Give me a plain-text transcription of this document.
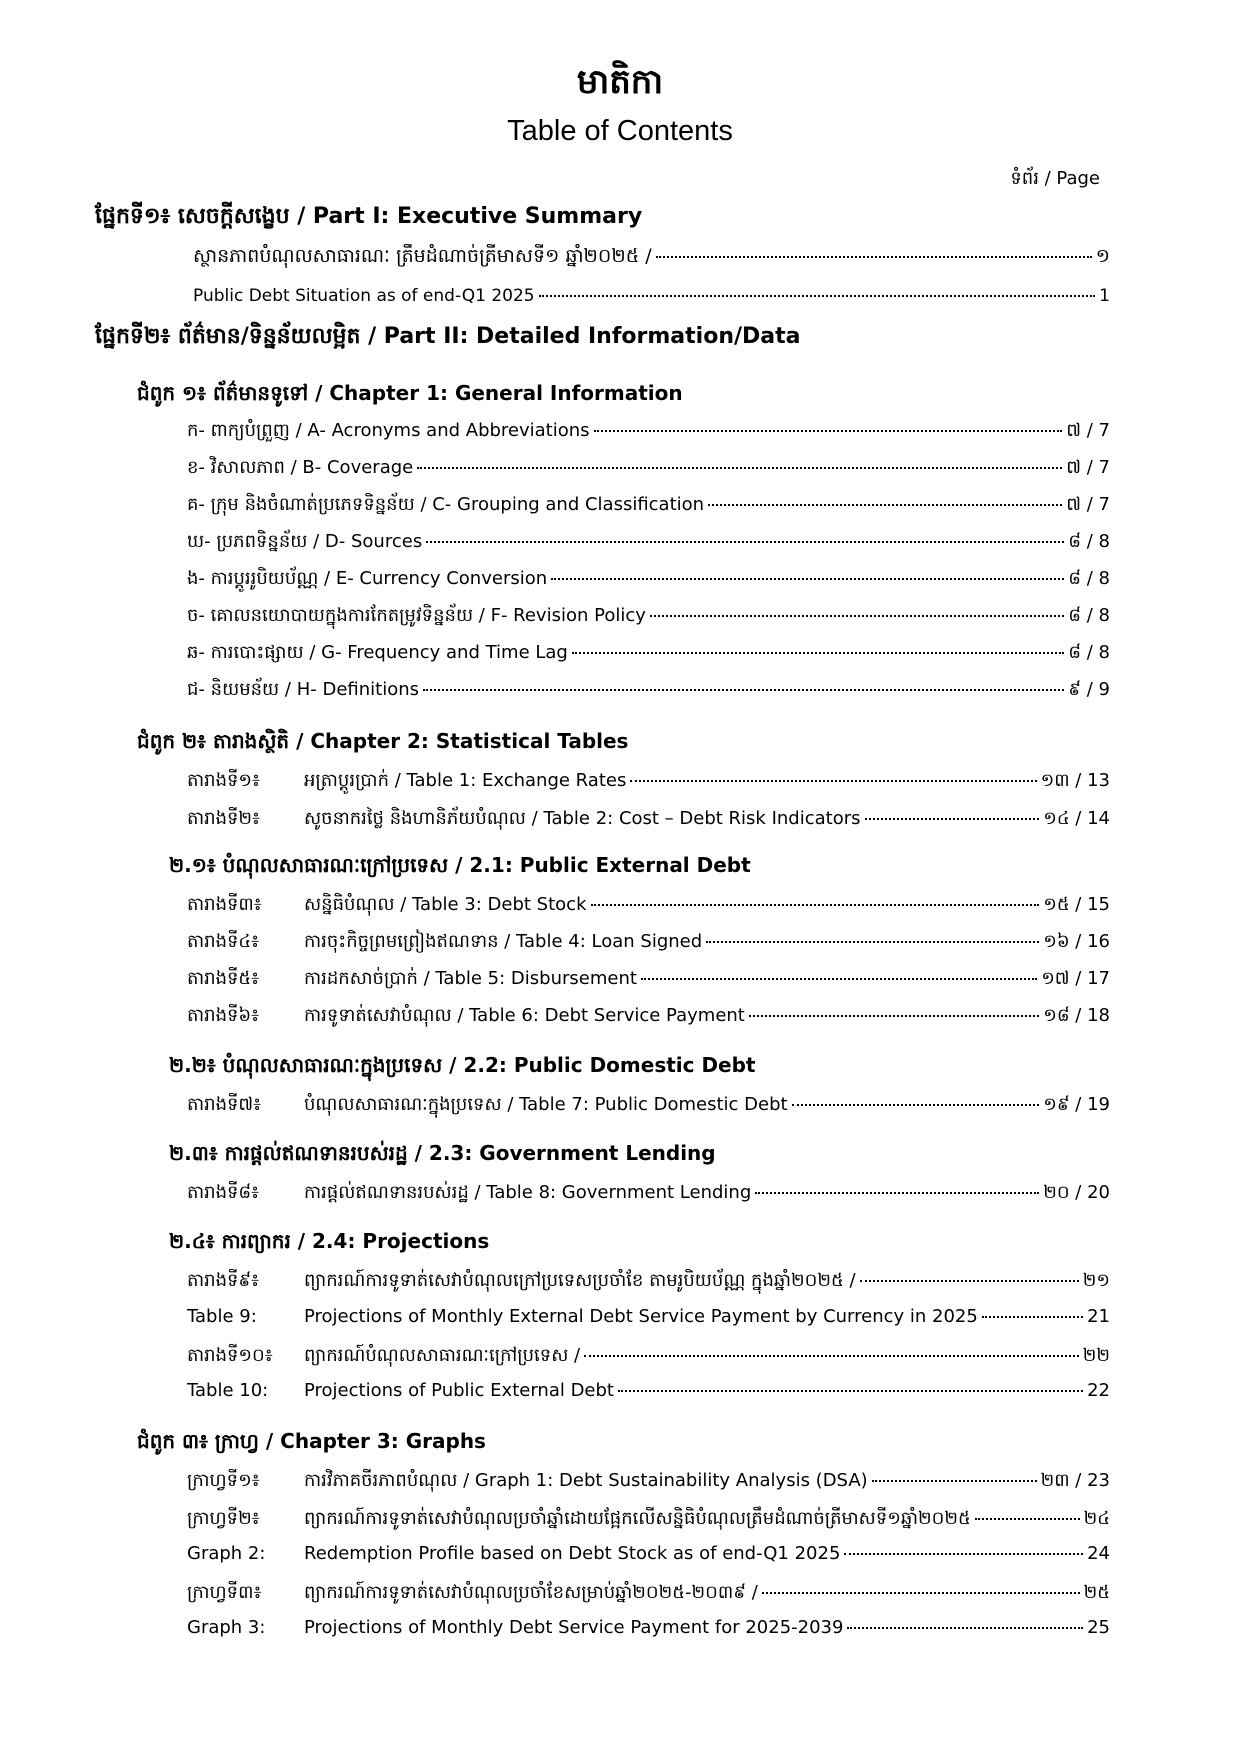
មាតិកា
Table of Contents
ទំព័រ / Page
ផ្នែកទី១៖ សេចក្តីសង្ខេប / Part I: Executive Summary
ស្ថានភាពបំណុលសាធារណៈ ត្រឹមដំណាច់ត្រីមាសទី១ ឆ្នាំ២០២៥ /	១
Public Debt Situation as of end-Q1 2025	1
ផ្នែកទី២៖ ព័ត៌មាន/ទិន្នន័យលម្អិត / Part II: Detailed Information/Data
ជំពូក ១៖ ព័ត៌មានទូទៅ / Chapter 1: General Information
ក- ពាក្យបំព្រួញ / A- Acronyms and Abbreviations	៧ / 7
ខ- វិសាលភាព / B- Coverage	៧ / 7
គ- ក្រុម និងចំណាត់ប្រភេទទិន្នន័យ / C- Grouping and Classification	៧ / 7
ឃ- ប្រភពទិន្នន័យ / D- Sources	៨ / 8
ង- ការប្តូររូបិយប័ណ្ណ / E- Currency Conversion	៨ / 8
ច- គោលនយោបាយក្នុងការកែតម្រូវទិន្នន័យ / F- Revision Policy	៨ / 8
ឆ- ការបោះផ្សាយ / G- Frequency and Time Lag	៨ / 8
ជ- និយមន័យ / H- Definitions	៩ / 9
ជំពូក ២៖ តារាងស្ថិតិ / Chapter 2: Statistical Tables
តារាងទី១៖	អត្រាប្តូរប្រាក់ / Table 1: Exchange Rates	១៣ / 13
តារាងទី២៖	សូចនាករថ្លៃ និងហានិភ័យបំណុល / Table 2: Cost – Debt Risk Indicators	១៤ / 14
២.១៖ បំណុលសាធារណៈក្រៅប្រទេស / 2.1: Public External Debt
តារាងទី៣៖	សន្និធិបំណុល / Table 3: Debt Stock	១៥ / 15
តារាងទី៤៖	ការចុះកិច្ចព្រមព្រៀងឥណទាន / Table 4: Loan Signed	១៦ / 16
តារាងទី៥៖	ការដកសាច់ប្រាក់ / Table 5: Disbursement	១៧ / 17
តារាងទី៦៖	ការទូទាត់សេវាបំណុល / Table 6: Debt Service Payment	១៨ / 18
២.២៖ បំណុលសាធារណៈក្នុងប្រទេស / 2.2: Public Domestic Debt
តារាងទី៧៖	បំណុលសាធារណៈក្នុងប្រទេស / Table 7: Public Domestic Debt	១៩ / 19
២.៣៖ ការផ្តល់ឥណទានរបស់រដ្ឋ / 2.3: Government Lending
តារាងទី៨៖	ការផ្តល់ឥណទានរបស់រដ្ឋ / Table 8: Government Lending	២០ / 20
២.៤៖ ការព្យាករ / 2.4: Projections
តារាងទី៩៖	ព្យាករណ៍ការទូទាត់សេវាបំណុលក្រៅប្រទេសប្រចាំខែ តាមរូបិយប័ណ្ណ ក្នុងឆ្នាំ២០២៥ /	២១
Table 9:	Projections of Monthly External Debt Service Payment by Currency in 2025	21
តារាងទី១០៖	ព្យាករណ៍បំណុលសាធារណៈក្រៅប្រទេស /	២២
Table 10:	Projections of Public External Debt	22
ជំពូក ៣៖ ក្រាហ្វ / Chapter 3: Graphs
ក្រាហ្វទី១៖	ការវិភាគចីរភាពបំណុល / Graph 1: Debt Sustainability Analysis (DSA)	២៣ / 23
ក្រាហ្វទី២៖	ព្យាករណ៍ការទូទាត់សេវាបំណុលប្រចាំឆ្នាំដោយផ្អែកលើសន្និធិបំណុលត្រឹមដំណាច់ត្រីមាសទី១ឆ្នាំ២០២៥	២៤
Graph 2:	Redemption Profile based on Debt Stock as of end-Q1 2025	24
ក្រាហ្វទី៣៖	ព្យាករណ៍ការទូទាត់សេវាបំណុលប្រចាំខែសម្រាប់ឆ្នាំ២០២៥-២០៣៩ /	២៥
Graph 3:	Projections of Monthly Debt Service Payment for 2025-2039	25
